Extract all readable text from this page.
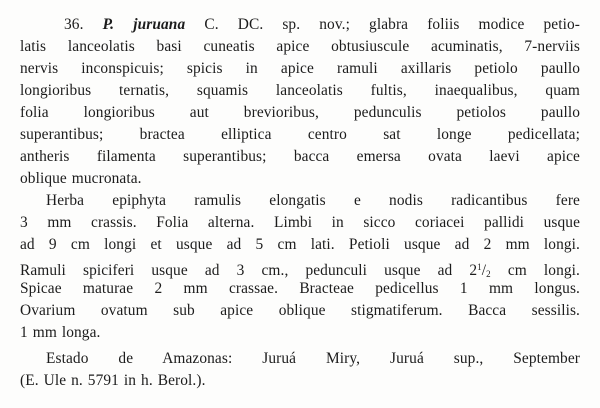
36. P. juruana C. DC. sp. nov.; glabra foliis modice petio-
latis lanceolatis basi cuneatis apice obtusiuscule acuminatis, 7-nerviis
nervis inconspicuis; spicis in apice ramuli axillaris petiolo paullo
longioribus ternatis, squamis lanceolatis fultis, inaequalibus, quam
folia longioribus aut brevioribus, pedunculis petiolos paullo
superantibus; bractea elliptica centro sat longe pedicellata;
antheris filamenta superantibus; bacca emersa ovata laevi apice
oblique mucronata.
Herba epiphyta ramulis elongatis e nodis radicantibus fere
3 mm crassis. Folia alterna. Limbi in sicco coriacei pallidi usque
ad 9 cm longi et usque ad 5 cm lati. Petioli usque ad 2 mm longi.
Ramuli spiciferi usque ad 3 cm., pedunculi usque ad $2^1/_2$ cm longi.
Spicae maturae 2 mm crassae. Bracteae pedicellus 1 mm longus.
Ovarium ovatum sub apice oblique stigmatiferum. Bacca sessilis.
1 mm longa.
Estado de Amazonas: Juruá Miry, Juruá sup., September
(E. Ule n. 5791 in h. Berol.).
